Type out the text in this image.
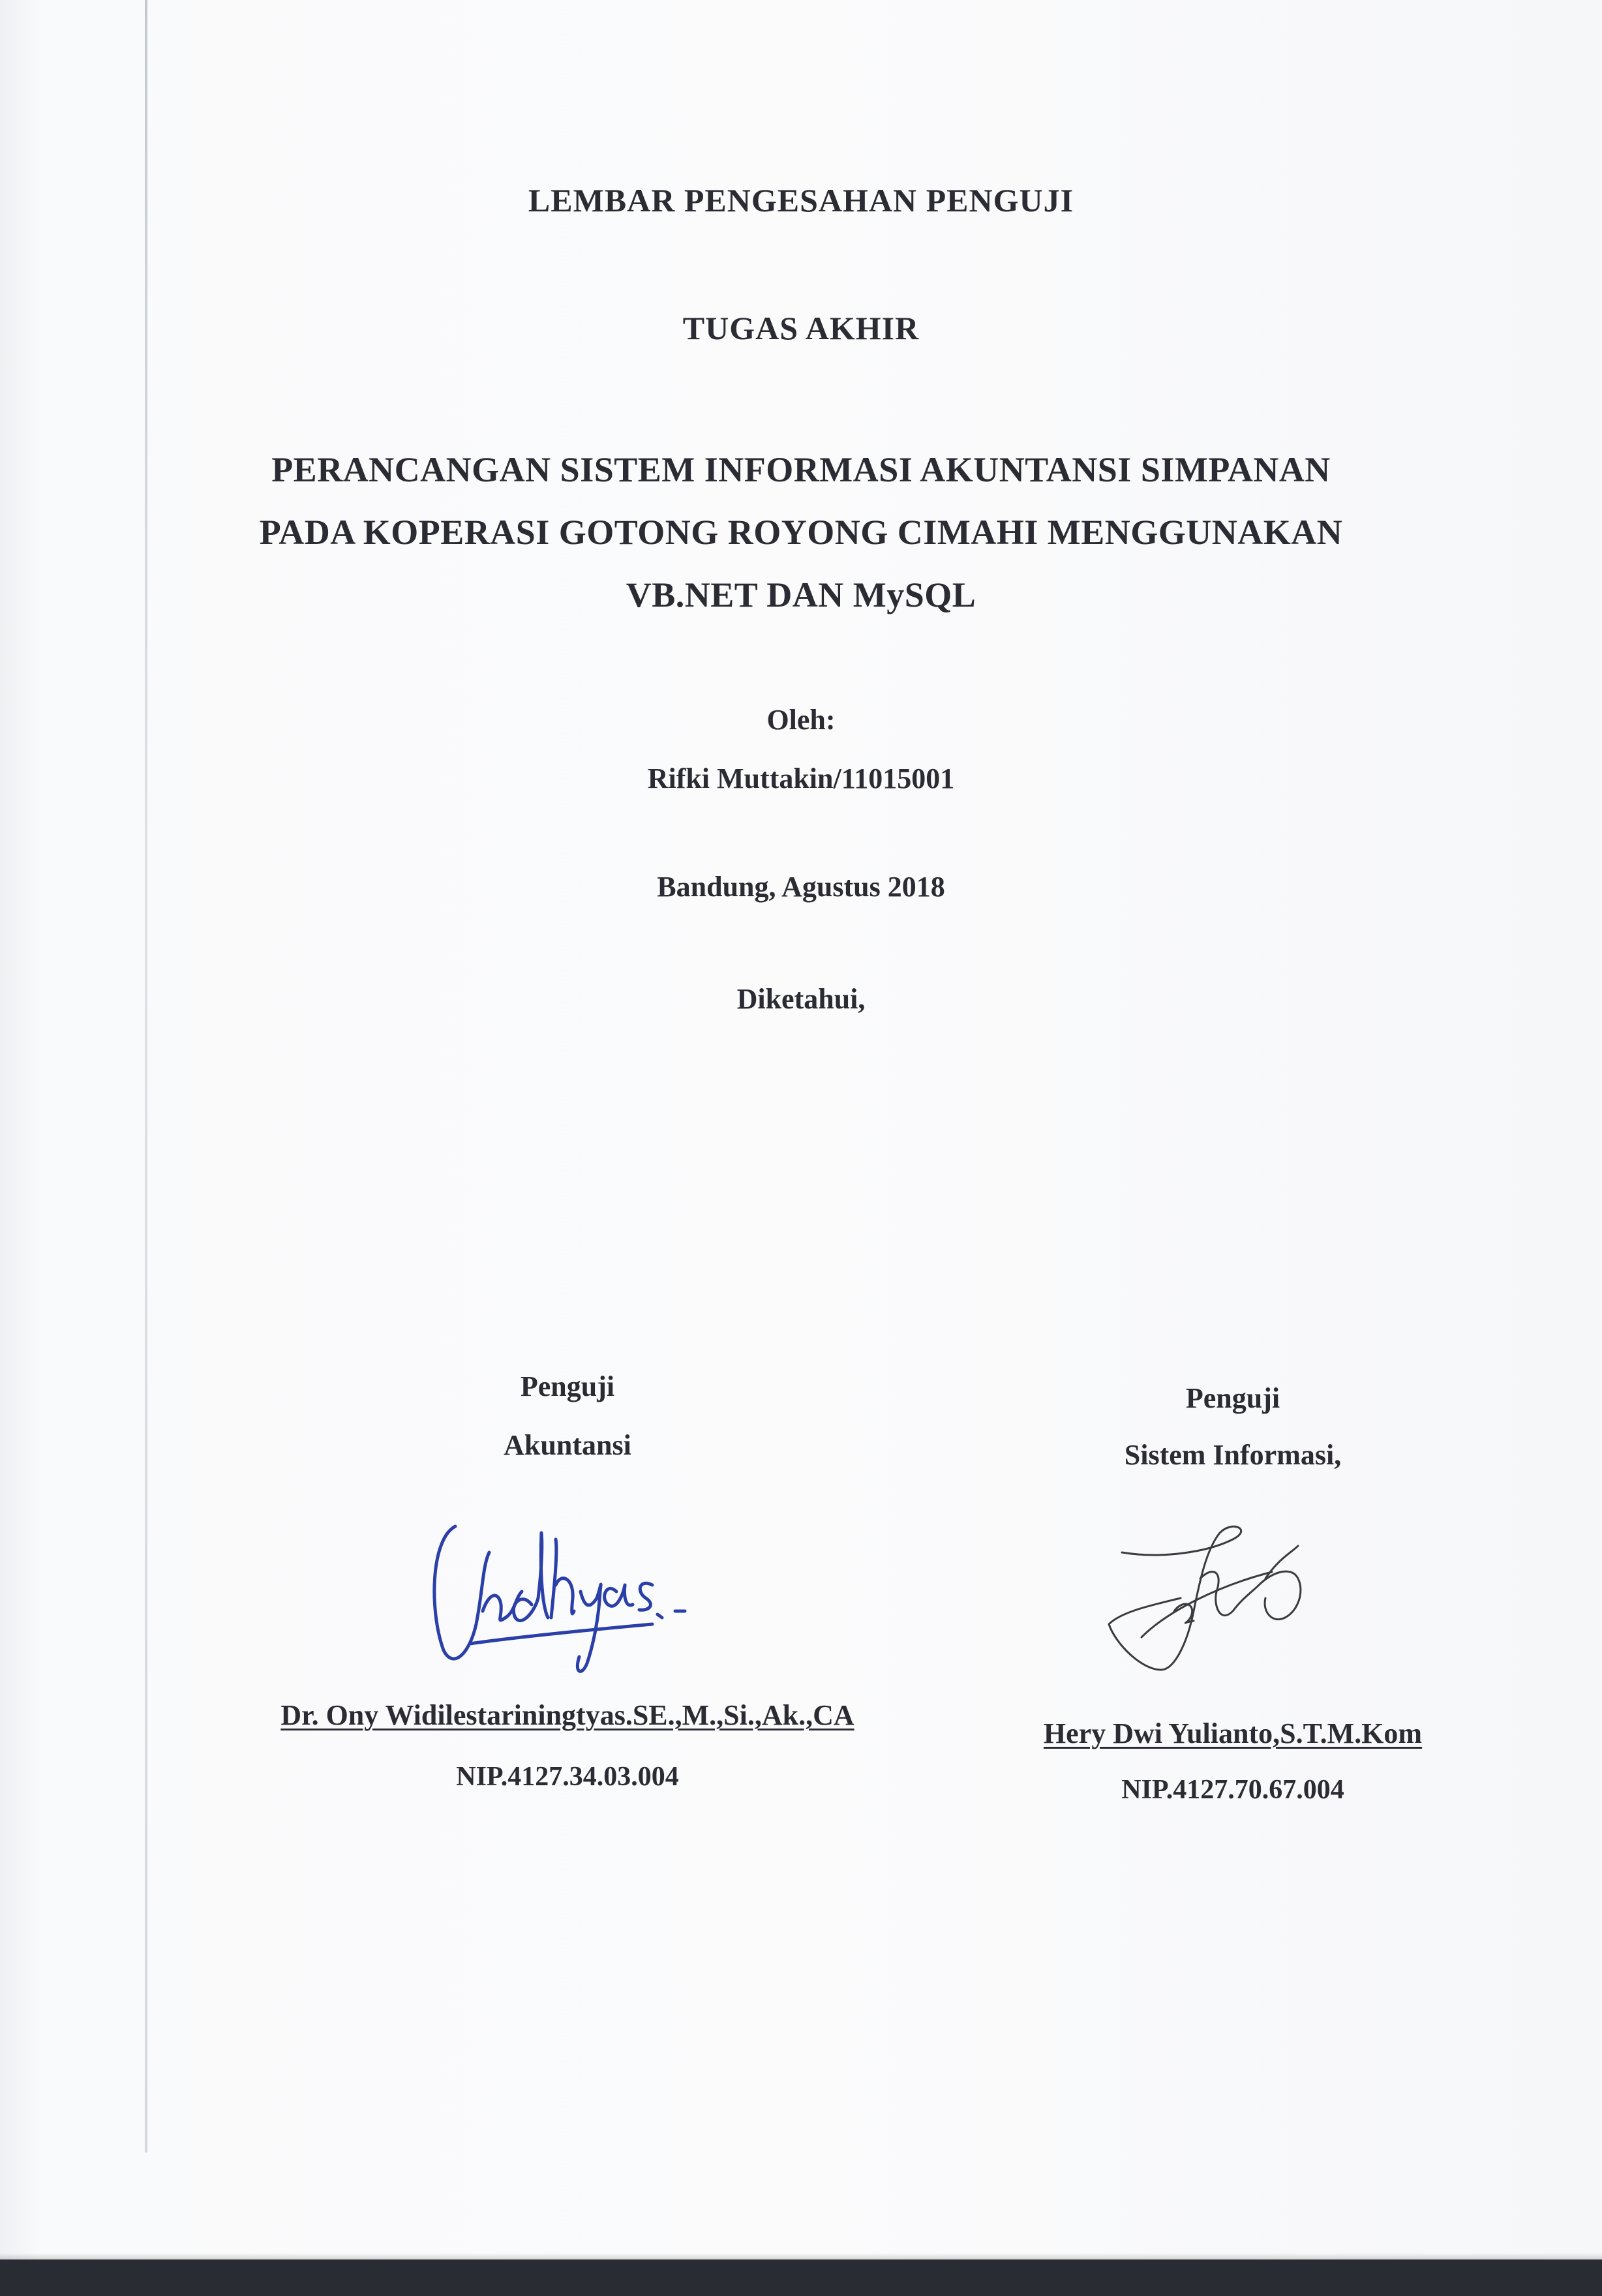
LEMBAR PENGESAHAN PENGUJI
TUGAS AKHIR
PERANCANGAN SISTEM INFORMASI AKUNTANSI SIMPANAN
PADA KOPERASI GOTONG ROYONG CIMAHI MENGGUNAKAN
VB.NET DAN MySQL
Oleh:
Rifki Muttakin/11015001
Bandung, Agustus 2018
Diketahui,
Penguji
Akuntansi
Dr. Ony Widilestariningtyas.SE.,M.,Si.,Ak.,CA
NIP.4127.34.03.004
Penguji
Sistem Informasi,
Hery Dwi Yulianto,S.T.M.Kom
NIP.4127.70.67.004
